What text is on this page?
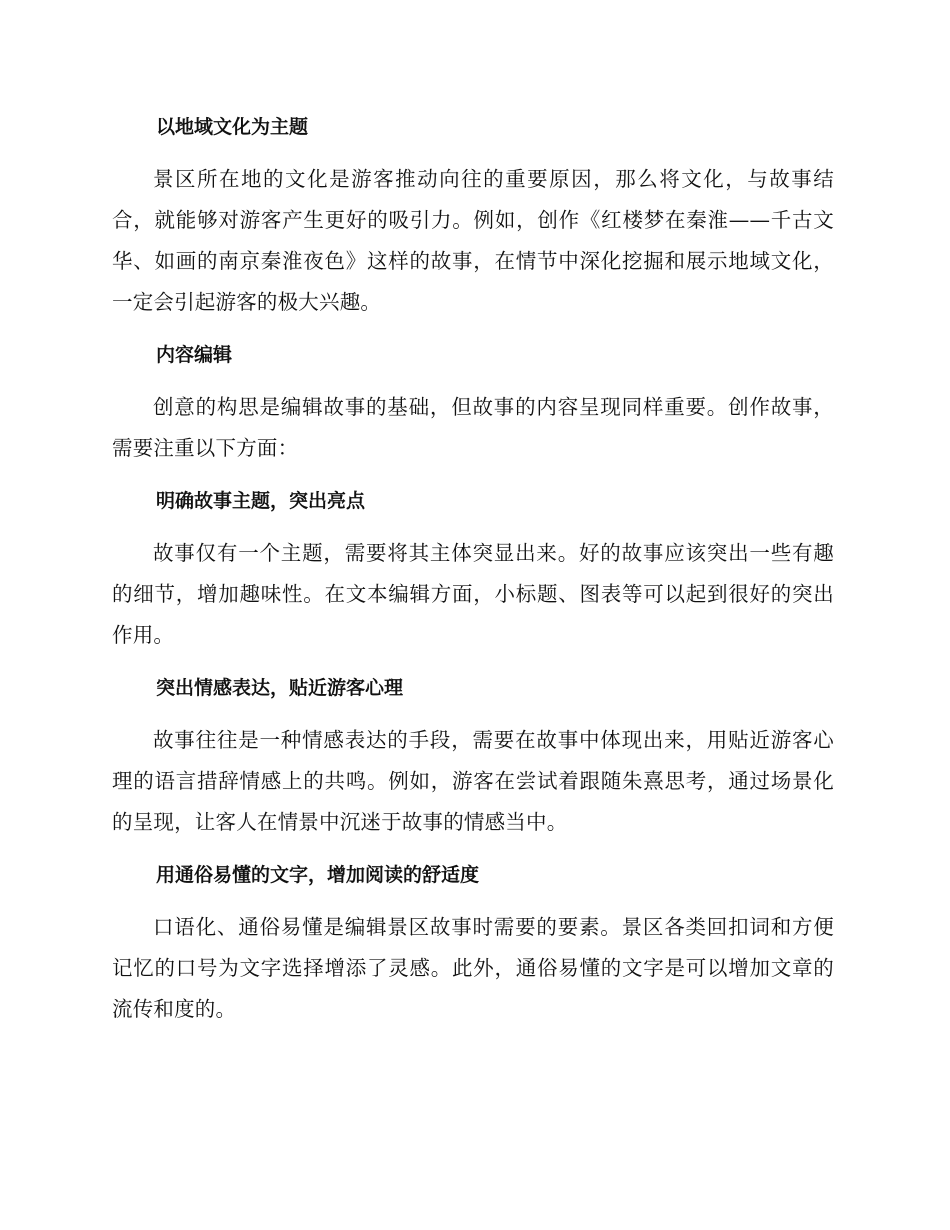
以地域文化为主题

景区所在地的文化是游客推动向往的重要原因，那么将文化，与故事结合，就能够对游客产生更好的吸引力。例如，创作《红楼梦在秦淮——千古文华、如画的南京秦淮夜色》这样的故事，在情节中深化挖掘和展示地域文化，一定会引起游客的极大兴趣。

内容编辑

创意的构思是编辑故事的基础，但故事的内容呈现同样重要。创作故事，需要注重以下方面：

明确故事主题，突出亮点

故事仅有一个主题，需要将其主体突显出来。好的故事应该突出一些有趣的细节，增加趣味性。在文本编辑方面，小标题、图表等可以起到很好的突出作用。

突出情感表达，贴近游客心理

故事往往是一种情感表达的手段，需要在故事中体现出来，用贴近游客心理的语言措辞情感上的共鸣。例如，游客在尝试着跟随朱熹思考，通过场景化的呈现，让客人在情景中沉迷于故事的情感当中。

用通俗易懂的文字，增加阅读的舒适度

口语化、通俗易懂是编辑景区故事时需要的要素。景区各类回扣词和方便记忆的口号为文字选择增添了灵感。此外，通俗易懂的文字是可以增加文章的流传和度的。
